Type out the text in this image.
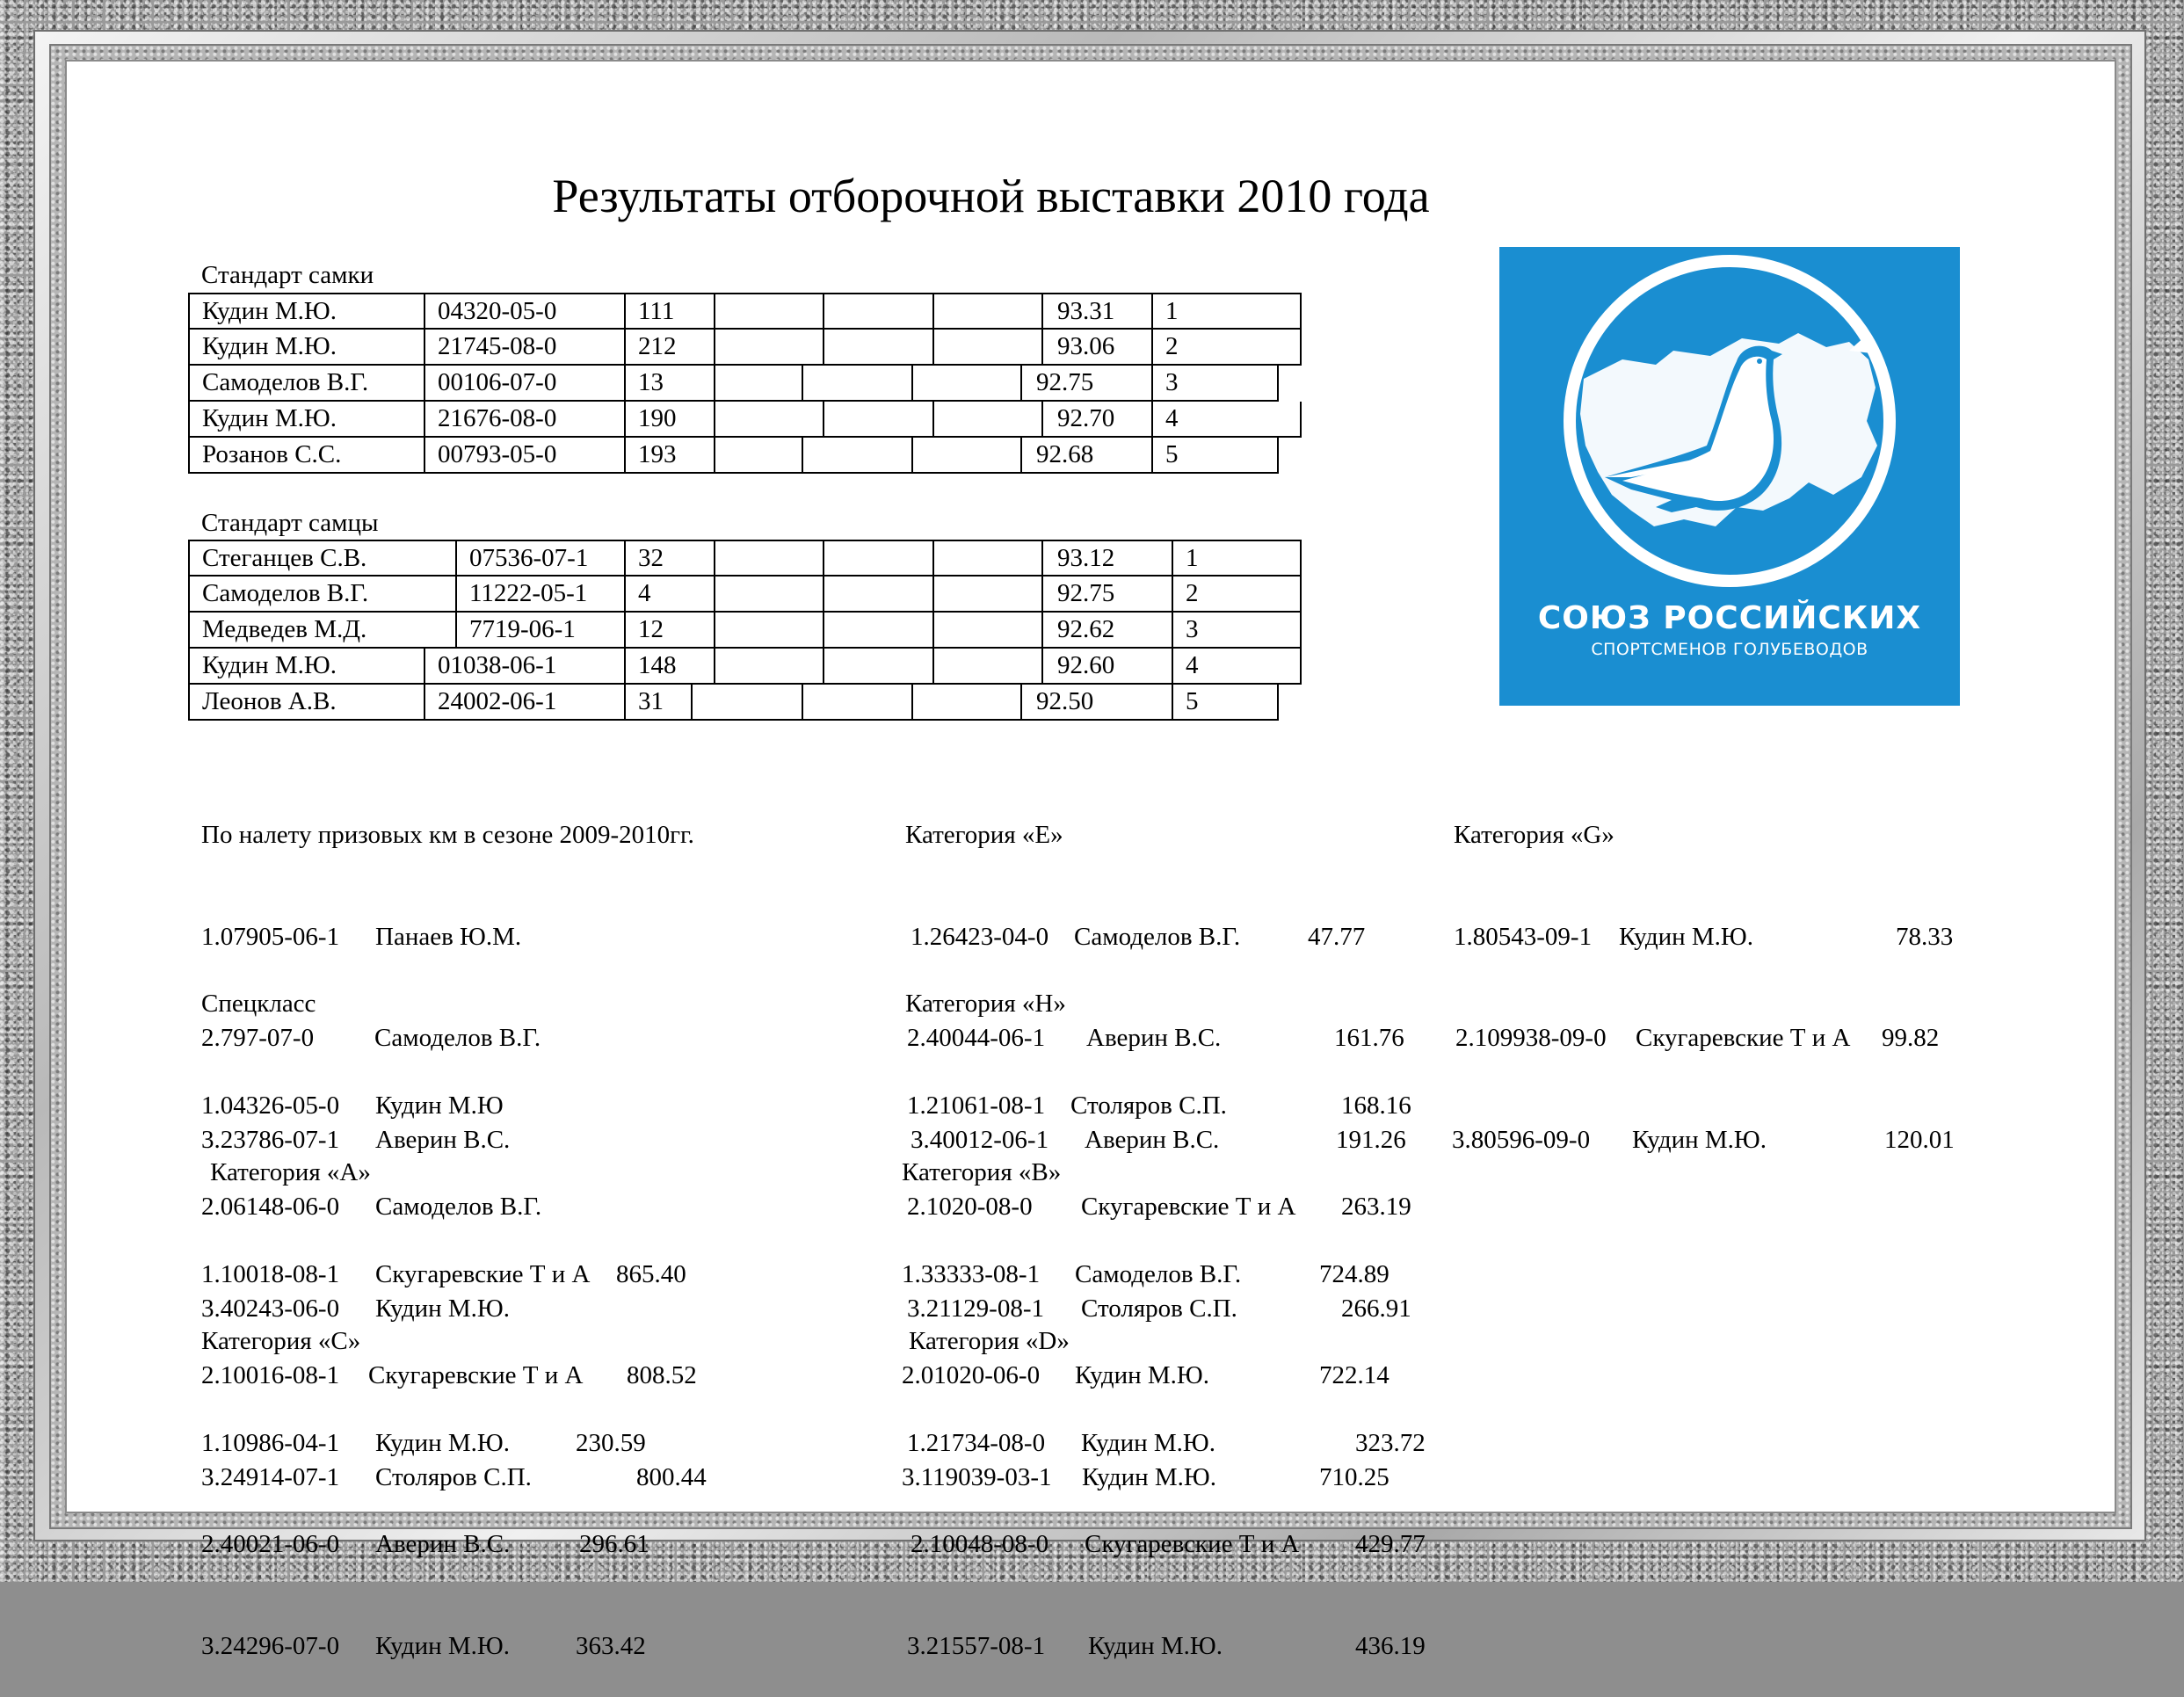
Результаты отборочной выставки 2010 года
Стандарт самки
Кудин М.Ю.	04320-05-0	111	93.31	1
Кудин М.Ю.	21745-08-0	212	93.06	2
Самоделов В.Г.	00106-07-0	13	92.75	3
Кудин М.Ю.	21676-08-0	190	92.70	4
Розанов С.С.	00793-05-0	193	92.68	5
Стандарт самцы
Стеганцев С.В.	07536-07-1	32	93.12	1
Самоделов В.Г.	11222-05-1	4	92.75	2
Медведев М.Д.	7719-06-1	12	92.62	3
Кудин М.Ю.	01038-06-1	148	92.60	4
Леонов А.В.	24002-06-1	31	92.50	5
СОЮЗ РОССИЙСКИХ
СПОРТСМЕНОВ ГОЛУБЕВОДОВ

По налету призовых км в сезоне 2009-2010гг.

1.07905-06-1 Панаев Ю.М.

2.797-07-0 Самоделов В.Г.

3.23786-07-1 Аверин В.С.

Категория «Е»

1.26423-04-0 Самоделов В.Г.	47.77

2.40044-06-1 Аверин В.С.	161.76

3.40012-06-1 Аверин В.С.	191.26

Категория «G»

1.80543-09-1 Кудин М.Ю.	78.33

2.109938-09-0 Скугаревские Т и А 99.82

3.80596-09-0 Кудин М.Ю.	120.01

Спецкласс

1.04326-05-0 Кудин М.Ю

2.06148-06-0 Самоделов В.Г.

3.40243-06-0 Кудин М.Ю.

Категория «Н»

1.21061-08-1 Столяров С.П.	168.16

2.1020-08-0 Скугаревские Т и А 263.19

3.21129-08-1 Столяров С.П.	266.91

Категория «А»

1.10018-08-1 Скугаревские Т и А 865.40

2.10016-08-1 Скугаревские Т и А 808.52

3.24914-07-1 Столяров С.П.	800.44

Категория «В»

1.33333-08-1 Самоделов В.Г.	724.89

2.01020-06-0 Кудин М.Ю.	722.14

3.119039-03-1 Кудин М.Ю.	710.25

Категория «С»

1.10986-04-1 Кудин М.Ю.	230.59

2.40021-06-0 Аверин В.С.	296.61

3.24296-07-0 Кудин М.Ю.	363.42

Категория «D»

1.21734-08-0 Кудин М.Ю.	323.72

2.10048-08-0 Скугаревские Т и А 429.77

3.21557-08-1 Кудин М.Ю.	436.19
